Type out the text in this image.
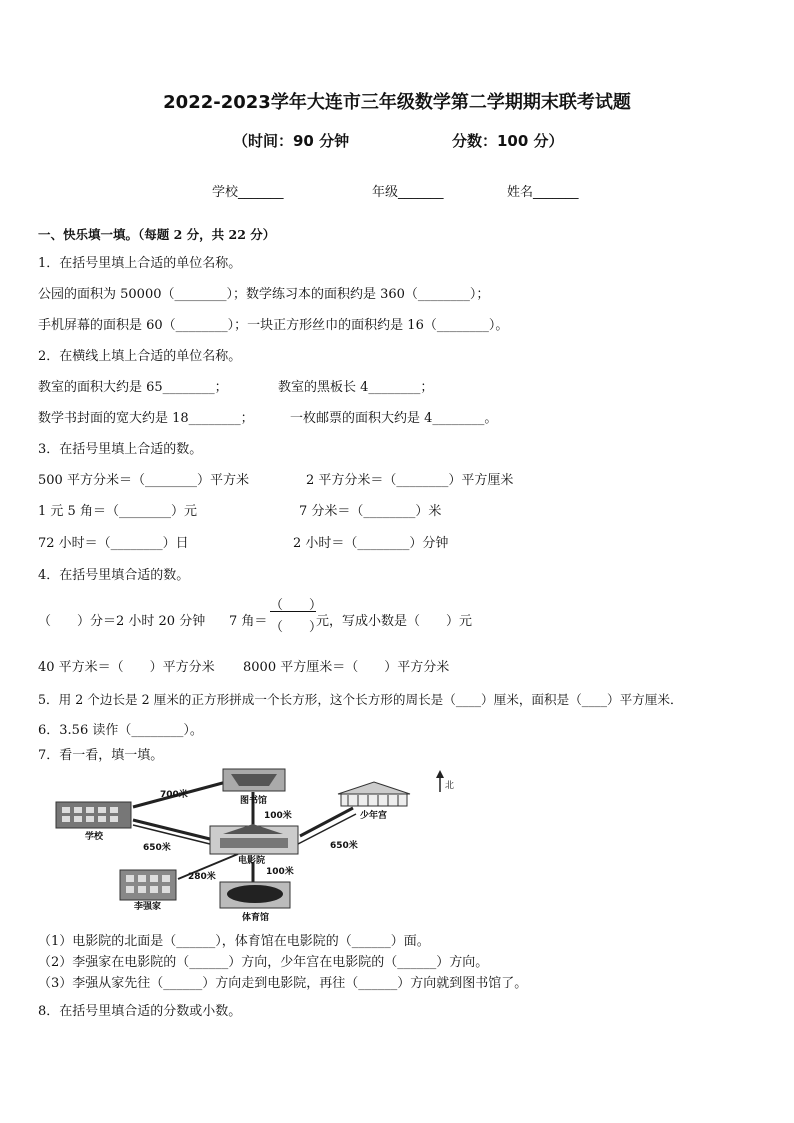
2022-2023学年大连市三年级数学第二学期期末联考试题
（时间：90 分钟	分数：100 分）
学校_______	年级_______	姓名_______
一、快乐填一填。（每题 2 分，共 22 分）
1．在括号里填上合适的单位名称。
公园的面积为 50000（________）；数学练习本的面积约是 360（________）；
手机屏幕的面积是 60（________）；一块正方形丝巾的面积约是 16（________）。
2．在横线上填上合适的单位名称。
教室的面积大约是 65________；	教室的黑板长 4________；
数学书封面的宽大约是 18________；	一枚邮票的面积大约是 4________。
3．在括号里填上合适的数。
500 平方分米＝（________）平方米	2 平方分米＝（________）平方厘米
1 元 5 角＝（________）元	7 分米＝（________）米
72 小时＝（________）日	2 小时＝（________）分钟
4．在括号里填合适的数。
（　　）分＝2 小时 20 分钟 7 角＝
（　　）
（　　）
元，写成小数是（　　）元
40 平方米＝（　　）平方分米 8000 平方厘米＝（　　）平方分米
5．用 2 个边长是 2 厘米的正方形拼成一个长方形，这个长方形的周长是（____）厘米，面积是（____）平方厘米．
6．3.56 读作（________）。
7．看一看，填一填。
学校
图书馆
少年宫
电影院
李强家
体育馆
北
700米
100米
650米	650米
280米	100米
（1）电影院的北面是（______），体育馆在电影院的（______）面。
（2）李强家在电影院的（______）方向，少年宫在电影院的（______）方向。
（3）李强从家先往（______）方向走到电影院，再往（______）方向就到图书馆了。
8．在括号里填合适的分数或小数。
